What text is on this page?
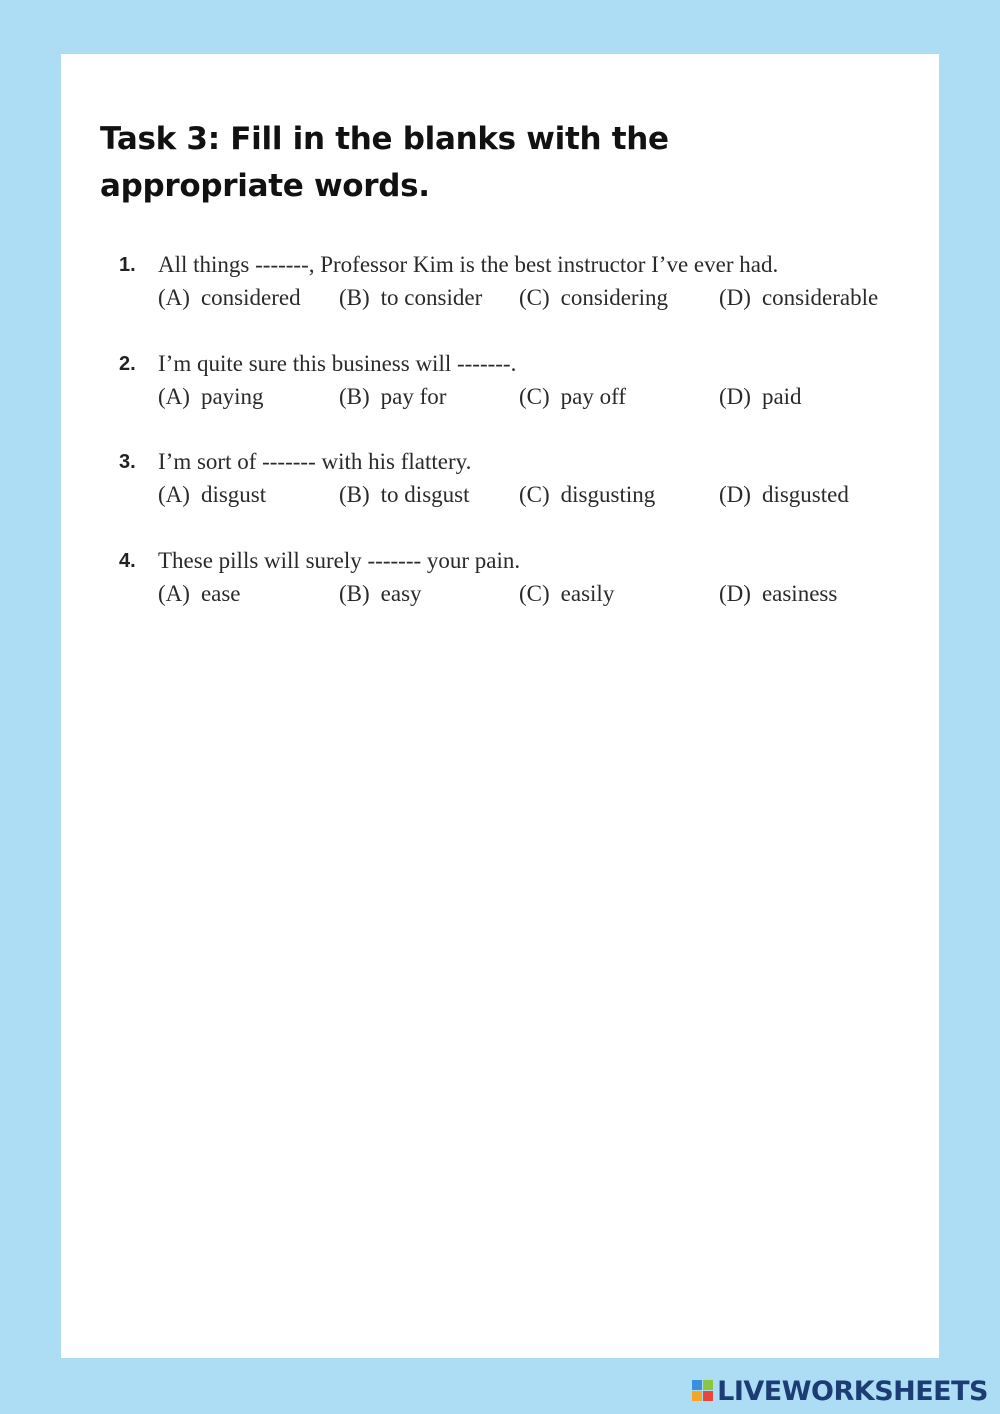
Task 3: Fill in the blanks with the appropriate words.
1. All things -------, Professor Kim is the best instructor I’ve ever had.
(A) considered (B) to consider (C) considering (D) considerable
2. I’m quite sure this business will -------.
(A) paying	(B) pay for	(C) pay off	(D) paid
3. I’m sort of ------- with his flattery.
(A) disgust	(B) to disgust (C) disgusting	(D) disgusted
4. These pills will surely ------- your pain.
(A) ease	(B) easy	(C) easily	(D) easiness
LIVEWORKSHEETS
